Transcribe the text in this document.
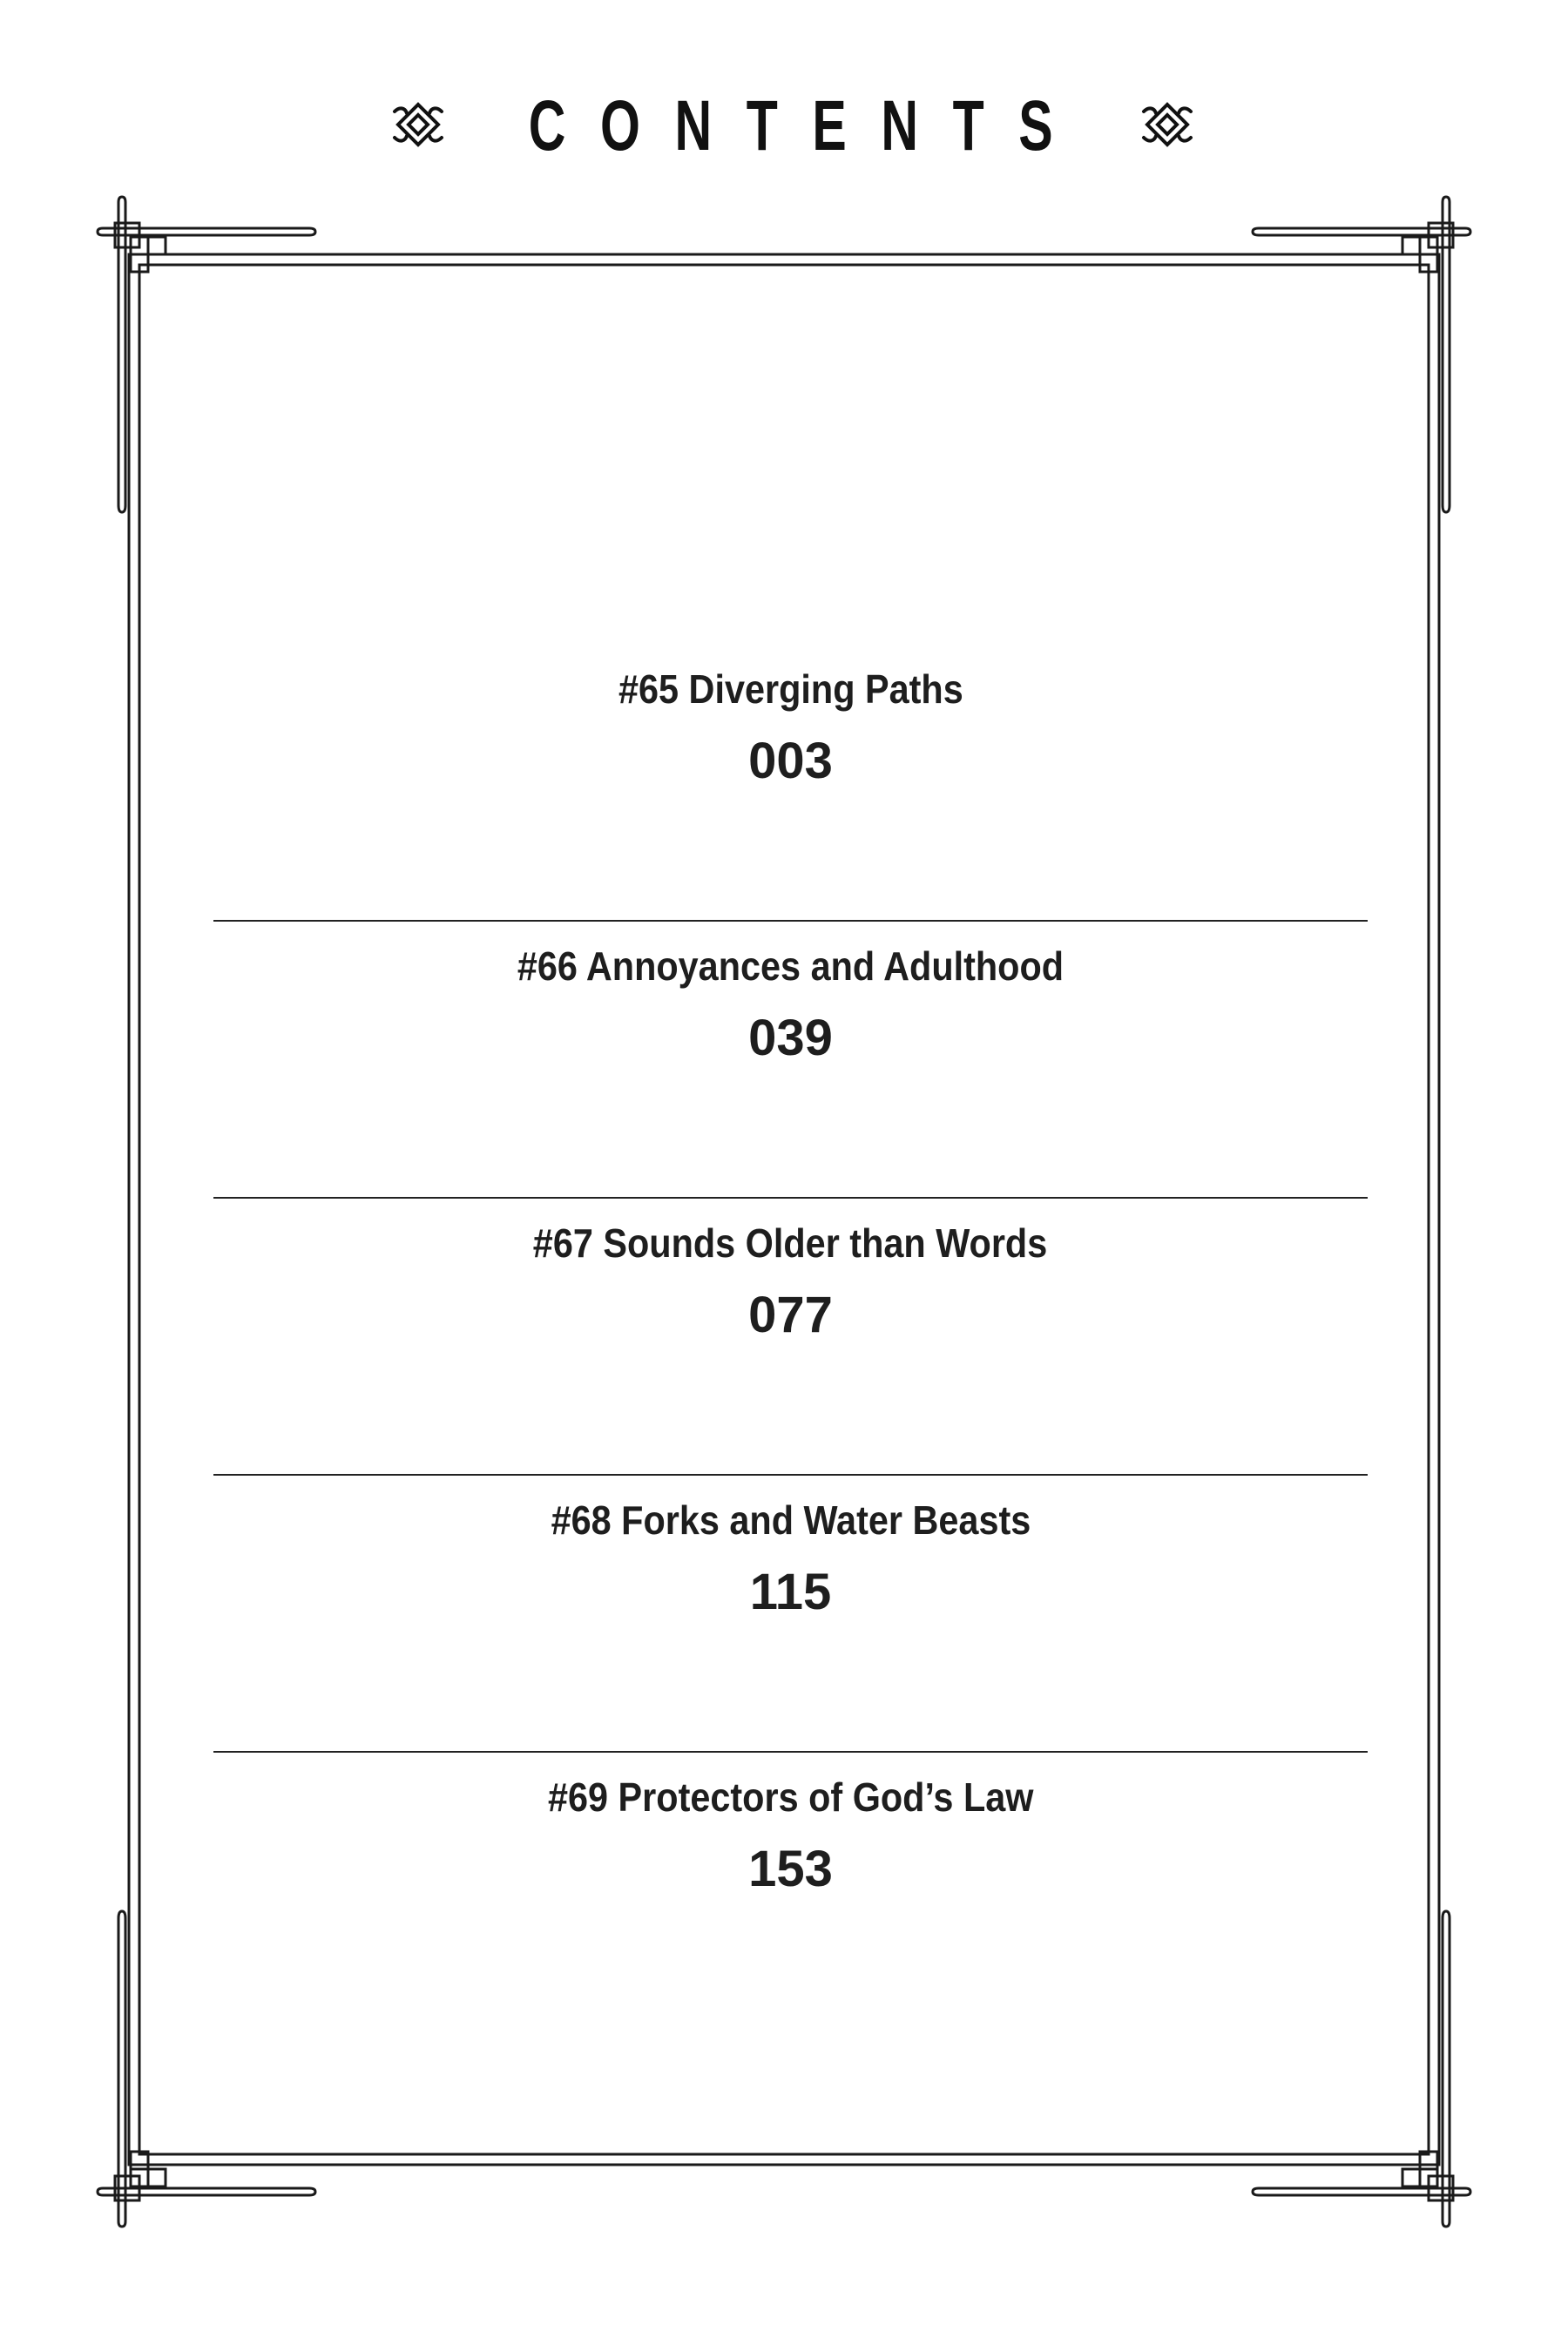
CONTENTS
#65 Diverging Paths
003
#66 Annoyances and Adulthood
039
#67 Sounds Older than Words
077
#68 Forks and Water Beasts
115
#69 Protectors of God’s Law
153
